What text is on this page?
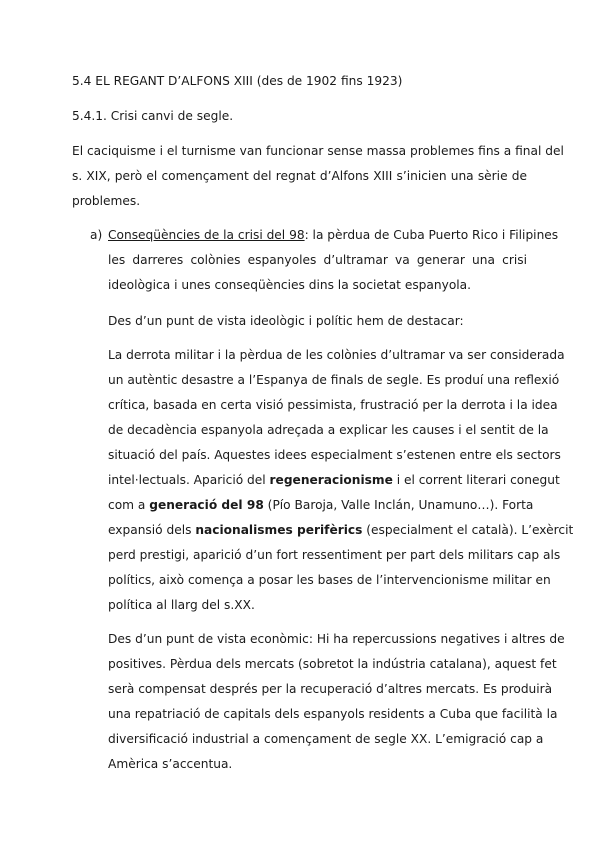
5.4 EL REGANT D’ALFONS XIII (des de 1902 fins 1923)
5.4.1. Crisi canvi de segle.
El caciquisme i el turnisme van funcionar sense massa problemes fins a final del
s. XIX, però el començament del regnat d’Alfons XIII s’inicien una sèrie de
problemes.
a) Conseqüències de la crisi del 98: la pèrdua de Cuba Puerto Rico i Filipines
les darreres colònies espanyoles d’ultramar va generar una crisi
ideològica i unes conseqüències dins la societat espanyola.
Des d’un punt de vista ideològic i polític hem de destacar:
La derrota militar i la pèrdua de les colònies d’ultramar va ser considerada
un autèntic desastre a l’Espanya de finals de segle. Es produí una reflexió
crítica, basada en certa visió pessimista, frustració per la derrota i la idea
de decadència espanyola adreçada a explicar les causes i el sentit de la
situació del país. Aquestes idees especialment s’estenen entre els sectors
intel·lectuals. Aparició del regeneracionisme i el corrent literari conegut
com a generació del 98 (Pío Baroja, Valle Inclán, Unamuno…). Forta
expansió dels nacionalismes perifèrics (especialment el català). L’exèrcit
perd prestigi, aparició d’un fort ressentiment per part dels militars cap als
polítics, això comença a posar les bases de l’intervencionisme militar en
política al llarg del s.XX.
Des d’un punt de vista econòmic: Hi ha repercussions negatives i altres de
positives. Pèrdua dels mercats (sobretot la indústria catalana), aquest fet
serà compensat després per la recuperació d’altres mercats. Es produirà
una repatriació de capitals dels espanyols residents a Cuba que facilità la
diversificació industrial a començament de segle XX. L’emigració cap a
Amèrica s’accentua.
